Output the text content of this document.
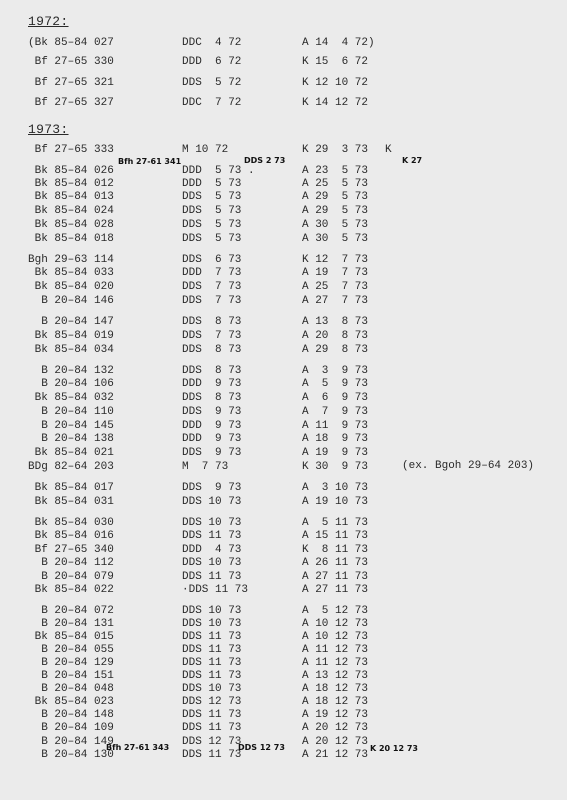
1972:
(Bk 85–84 027	DDC  4 72	A 14  4 72)
Bf 27–65 330	DDD  6 72	K 15  6 72
Bf 27–65 321	DDS  5 72	K 12 10 72
Bf 27–65 327	DDC  7 72	K 14 12 72
1973:
Bf 27–65 333	M 10 72	K 29  3 73 K
Bk 85–84 026	DDD  5 73 .	A 23  5 73
Bk 85–84 012	DDD  5 73	A 25  5 73
Bk 85–84 013	DDS  5 73	A 29  5 73
Bk 85–84 024	DDS  5 73	A 29  5 73
Bk 85–84 028	DDS  5 73	A 30  5 73
Bk 85–84 018	DDS  5 73	A 30  5 73
Bgh 29–63 114	DDS  6 73	K 12  7 73
Bk 85–84 033	DDD  7 73	A 19  7 73
Bk 85–84 020	DDS  7 73	A 25  7 73
B 20–84 146	DDS  7 73	A 27  7 73
B 20–84 147	DDS  8 73	A 13  8 73
Bk 85–84 019	DDS  7 73	A 20  8 73
Bk 85–84 034	DDS  8 73	A 29  8 73
B 20–84 132	DDS  8 73	A  3  9 73
B 20–84 106	DDD  9 73	A  5  9 73
Bk 85–84 032	DDS  8 73	A  6  9 73
B 20–84 110	DDS  9 73	A  7  9 73
B 20–84 145	DDD  9 73	A 11  9 73
B 20–84 138	DDD  9 73	A 18  9 73
Bk 85–84 021	DDS  9 73	A 19  9 73
BDg 82–64 203	M  7 73	K 30  9 73	(ex. Bgoh 29–64 203)
Bk 85–84 017	DDS  9 73	A  3 10 73
Bk 85–84 031	DDS 10 73	A 19 10 73
Bk 85–84 030	DDS 10 73	A  5 11 73
Bk 85–84 016	DDS 11 73	A 15 11 73
Bf 27–65 340	DDD  4 73	K  8 11 73
B 20–84 112	DDS 10 73	A 26 11 73
B 20–84 079	DDS 11 73	A 27 11 73
Bk 85–84 022	·DDS 11 73	A 27 11 73
B 20–84 072	DDS 10 73	A  5 12 73
B 20–84 131	DDS 10 73	A 10 12 73
Bk 85–84 015	DDS 11 73	A 10 12 73
B 20–84 055	DDS 11 73	A 11 12 73
B 20–84 129	DDS 11 73	A 11 12 73
B 20–84 151	DDS 11 73	A 13 12 73
B 20–84 048	DDS 10 73	A 18 12 73
Bk 85–84 023	DDS 12 73	A 18 12 73
B 20–84 148	DDS 11 73	A 19 12 73
B 20–84 109	DDS 11 73	A 20 12 73
B 20–84 149	DDS 12 73	A 20 12 73
B 20–84 130	DDS 11 73	A 21 12 73
Bfh 27-61 341	DDS 2 73	K 27
Bfh 27-61 343	DDS 12 73	K 20 12 73
